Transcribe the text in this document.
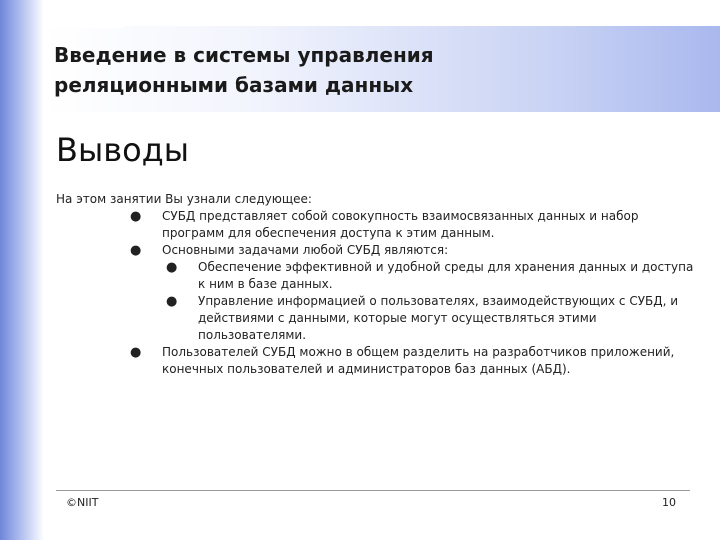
Введение в системы управления
реляционными базами данных
Выводы

На этом занятии Вы узнали следующее:

● СУБД представляет собой совокупность взаимосвязанных данных и набор программ для обеспечения доступа к этим данным.
● Основными задачами любой СУБД являются:
● Обеспечение эффективной и удобной среды для хранения данных и доступа к ним в базе данных.
● Управление информацией о пользователях, взаимодействующих с СУБД, и действиями с данными, которые могут осуществляться этими пользователями.
● Пользователей СУБД можно в общем разделить на разработчиков приложений, конечных пользователей и администраторов баз данных (АБД).
©NIIT	10
